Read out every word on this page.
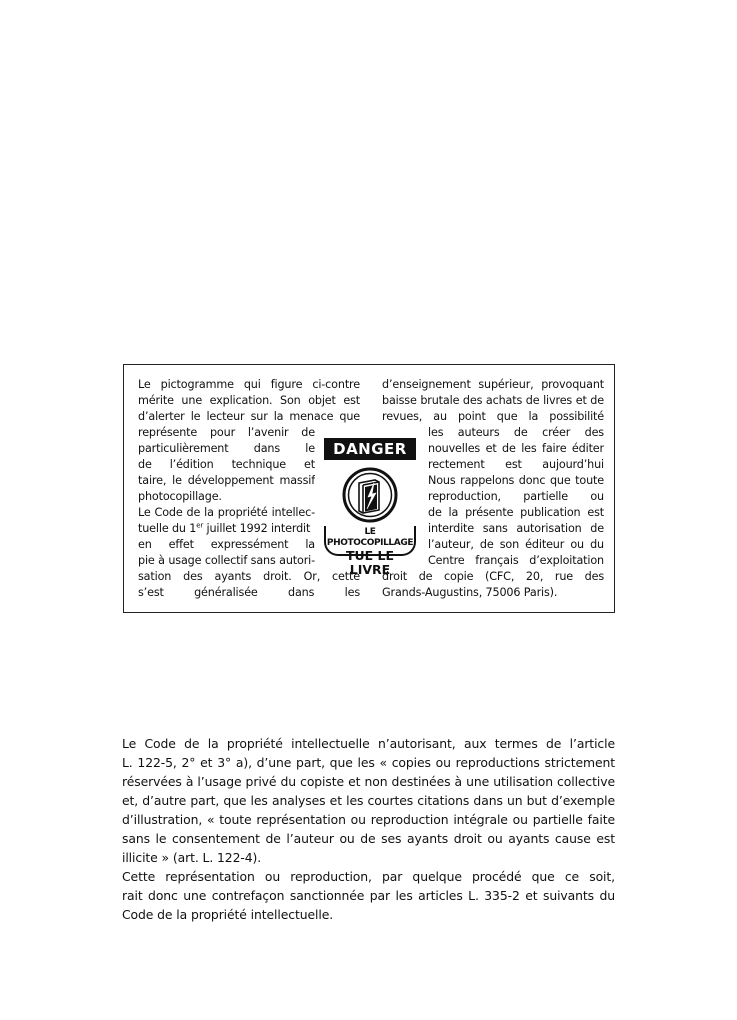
Le pictogramme qui figure ci-contre
mérite une explication. Son objet est
d’alerter le lecteur sur la menace que
représente pour l’avenir de
particulièrement dans le
de l’édition technique et
taire, le développement massif
photocopillage.
Le Code de la propriété intellec-
tuelle du 1er juillet 1992 interdit
en effet expressément la
pie à usage collectif sans autori-
sation des ayants droit. Or, cette
s’est généralisée dans les
d’enseignement supérieur, provoquant
baisse brutale des achats de livres et de
revues, au point que la possibilité
les auteurs de créer des
nouvelles et de les faire éditer
rectement est aujourd’hui
Nous rappelons donc que toute
reproduction, partielle ou
de la présente publication est
interdite sans autorisation de
l’auteur, de son éditeur ou du
Centre français d’exploitation
droit de copie (CFC, 20, rue des
Grands-Augustins, 75006 Paris).
DANGER
LE PHOTOCOPILLAGE
TUE LE LIVRE
Le Code de la propriété intellectuelle n’autorisant, aux termes de l’article
L. 122-5, 2° et 3° a), d’une part, que les « copies ou reproductions strictement
réservées à l’usage privé du copiste et non destinées à une utilisation collective
et, d’autre part, que les analyses et les courtes citations dans un but d’exemple
d’illustration, « toute représentation ou reproduction intégrale ou partielle faite
sans le consentement de l’auteur ou de ses ayants droit ou ayants cause est
illicite » (art. L. 122-4).
Cette représentation ou reproduction, par quelque procédé que ce soit,
rait donc une contrefaçon sanctionnée par les articles L. 335-2 et suivants du
Code de la propriété intellectuelle.
